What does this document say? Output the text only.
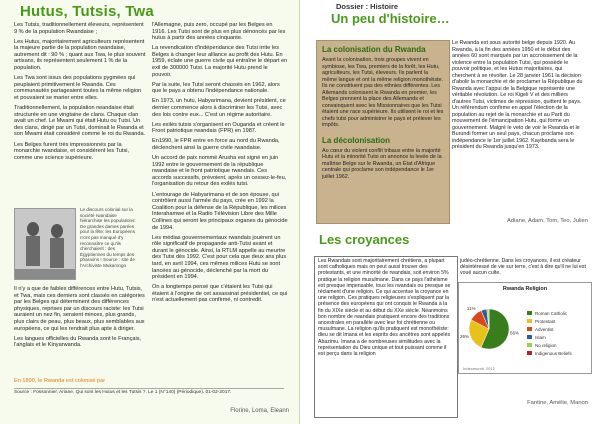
Hutus, Tutsis, Twa

Les Tutsis, traditionnellement éleveurs, représentent 9 % de la population Rwandaise ;

Les Hutus, majoritairement agriculteurs représentent la majeure partie de la population rwandaise, autrement dit : 90 % ; quant aux Twa, le plus souvent artisans, ils représentent seulement 1 % de la population.

Les Twa sont issus des populations pygmées qui peuplaient primitivement le Rwanda. Ces communautés partageaient toutes la même religion et pouvaient se marier entre elles.

Traditionnellement, la population rwandaise était structurée en une vingtaine de clans. Chaque clan avait un chef. Le Mwami qui était Hutu ou Tutsi. Un des clans, dirigé par un Tutsi, dominait le Rwanda et son Mwami était considéré comme le roi du Rwanda.

Les Belges furent très impressionnés par la monarchie rwandaise, et considérent les Tutsi, comme une science supérieure.

Le discours colonial sur la société rwandaise hiérarchise les populations: De grandes dames parées pour la fête: les Européens n'ont pas manqué d'y reconnaître ce qu'ils cherchaient : des Égyptiennes du temps des pharaons ! Source : site de l'Archiviste Mukarongo

Il n'y a que de faibles différences entre Hutu, Tutsis, et Twa, mais ces derniers sont classés en catégories par les Belges qui déterminent des différences physiques, reprises par un discours raciste: les Tutsi auraient un nez fin, seraient minces, plus grands, plus clairs de peau, plus beaux, plus semblables aux européens, ce qui les rendrait plus apte à diriger.

Les langues officielles du Rwanda sont le Français, l'anglais et le Kinyarwanda.

En 1890, le Rwanda est colonisé par

l'Allemagne, puis zero, occupé par les Belges en 1916. Les Tutsi sont de plus en plus dénoncés par les hutus à partir des années cinquante.

La revendication d'indépendance des Tutsi irrite les Belges à changer leur alliance au profit des Hutu. En 1959, éclate une guerre civile qui entraîne le départ en exil de 300000 Tutsi. La majorité Hutu prend le pouvoir.

Par la suite, les Tutsi seront chassés en 1962, alors que le pays a obtenu l'indépendance nationale.

En 1973, un hutu, Habyarimana, devient président, ce dernier commence alors à discriminer les Tutsi, avec des lois contre eux... C'est un régime autoritaire.

Les exilés tutsis s'organisent en Ouganda et créent le Front patriotique rwandais (FPR) en 1987.

En1990, le FPR entre en force au nord du Rwanda, déclenchent ainsi la guerre civile rwandaise.

Un accord de paix nommé Arusha est signé en juin 1992 entre le gouvernement de la république rwandaise et le front patriotique rwandais. Ces accords successifs, prévoient, après un cessez-le-feu, l'organisation du retour des exilés tutsi.

L'entourage de Habyarimana et de son épouse, qui contrôlent aussi l'armée du pays, crée en 1992 la Coalition pour la défense de la République, les milices Interahamwe et la Radio Télévision Libre des Mille Collines qui seront les principaux organes du génocide de 1994.

Les médias gouvernementaux rwandais jouèrent un rôle significatif de propagande anti-Tutsi avant et durant le génocide. Ainsi, la RTLM appelle au meurtre des Tutsi dès 1992. C'est pour cela que deux ans plus tard, en avril 1994, ces mêmes milices Hutu se sont lancées au génocide, déclenché par la mort du président en 1994.

On a longtemps pensé que c'étaient les Tutsi qui étaient à l'origine de cet assassinat présidentiel, ce qui n'est actuellement pas confirmé, ni contredit.

Source : Fossonnier, Ariane. Qui sont les Hutus et les Tutsis ?. Le 1 (N°140) (Périodique). 01-02-2017.
Florine, Loma, Eleann
Dossier : Histoire
Un peu d'histoire…
La colonisation du Rwanda
Avant la colonisation, trois groupes vivent en symbiose, les Twa, premiers de la forêt, les Hutu, agriculteurs, les Tutsi, éleveurs. Ils parlent la même langue et ont la même religion monothéiste. Ils ne constituent pas des ethnies différentes. Les Allemands colonisent le Rwanda en premier, les Belges prennent la place des Allemands et convainquent avec les Missionnaires que les Tutsi étaient une race supérieure. Ils utilisent le roi et les chefs tutsi pour administrer le pays et prélever les impôts.
La décolonisation
Au cœur du violent conflit tribaux entre la majorité Hutu et la minorité Tutsi on annonce la levée de la maîtrise Belge sur le Rwanda, un État d'Afrique centrale qui proclame son indépendance le 1er juillet 1962.
Le Rwanda est sous autorité belge depuis 1920. Au Rwanda, à la fin des années 1950 et le début des années 60 sont marqués par un accroissement de la violence entre la population Tutsi, qui possède le pouvoir politique, et les Hutus majoritaires, qui cherchent à se révolter. Le 28 janvier 1961 la décision d'abolir la monarchie et de proclamer la République du Rwanda avec l'appui de la Belgique représente une véritable révolution. Le roi Kigeli V et des milliers d'autres Tutsi, victimes de répression, quittent le pays. Un référendum confirme en appel l'élection de la population au rejet de la monarchie et au Parti du mouvement de l'émancipation Hutu, qui forme un gouvernement. Malgré le veto de voir le Rwanda et le Burundi former un seul pays, chacun proclame son indépendance le 1er juillet 1962. Kayibanda sera le président du Rwanda jusqu'en 1973.
Adiane, Adam, Tom, Teo, Julien
Les croyances
Les Rwandais sont majoritairement chrétiens, a plupart sont catholiques mais on peut aussi trouver des protestants, et une minorité de rwandais, soit environ 5% pratique la religion musulmane. Dans ce pays l'athéisme est presque impensable, tous les rwandais ou presque se réclament d'une religion. Ce qui accentue la croyance en une religion. Ces pratiques religieuses s'expliquent par la présence des européens qui ont conquis le Rwanda à la fin du XIXe siècle et au début du XXe siècle. Néanmoins bon nombre de rwandais pratiquent encore des traditions ancestrales en parallèle avec leur foi chrétienne ou musulmane. La religion qu'ils pratiquent est monothéiste: dieu se dit Imana et les esprits des ancêtres sont appelés Abazimu. Imana a de nombreuses similitudes avec la représentation du Dieu unique et tout puissant comme il est perçu dans la religion
judéo-chrétienne. Dans les croyances, il est créateur désintéressé de vie sur terre, c'est à dire qu'il ne lui est voué aucun culte.
Rwanda Religion
56%
26%
11%
Roman Catholic
Protestant
Adventist
Islam
No religion
Indigenous Beliefs
Indexmundi, 2012
Fantine, Amélie, Manon
